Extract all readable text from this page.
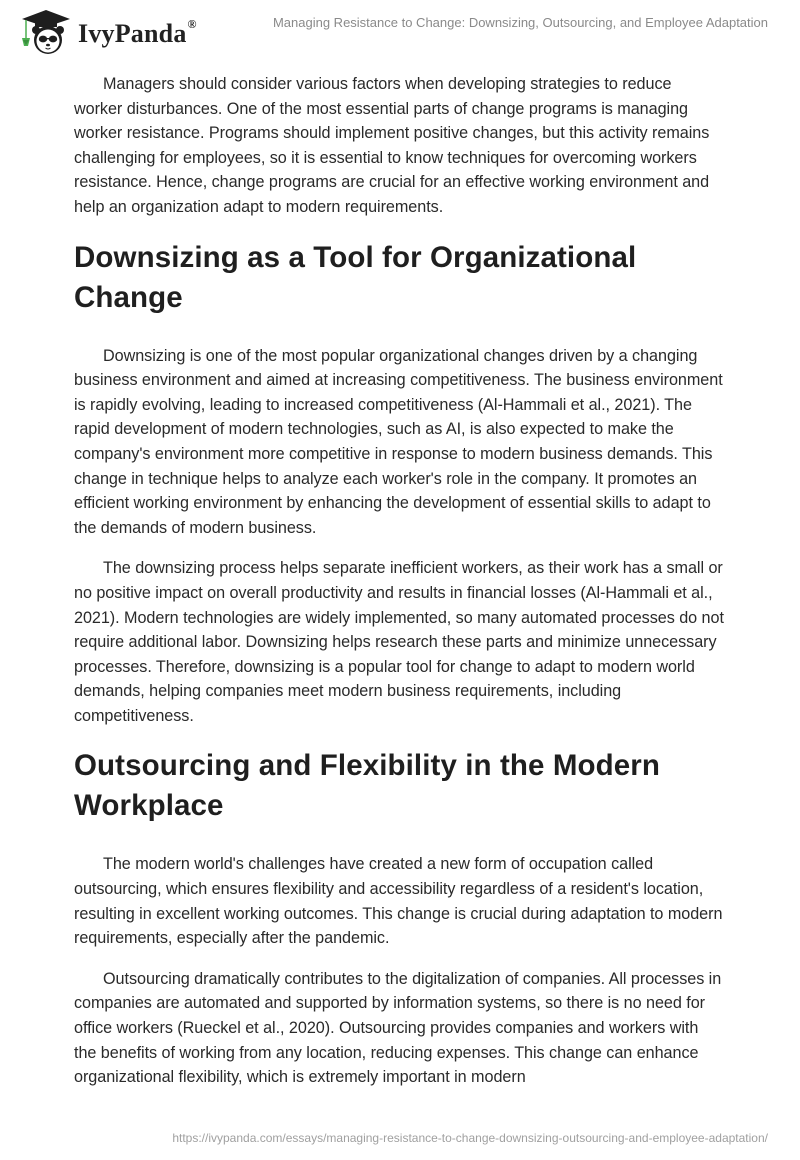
IvyPanda®	Managing Resistance to Change: Downsizing, Outsourcing, and Employee Adaptation

Managers should consider various factors when developing strategies to reduce worker disturbances. One of the most essential parts of change programs is managing worker resistance. Programs should implement positive changes, but this activity remains challenging for employees, so it is essential to know techniques for overcoming workers resistance. Hence, change programs are crucial for an effective working environment and help an organization adapt to modern requirements.

Downsizing as a Tool for Organizational Change

Downsizing is one of the most popular organizational changes driven by a changing business environment and aimed at increasing competitiveness. The business environment is rapidly evolving, leading to increased competitiveness (Al-Hammali et al., 2021). The rapid development of modern technologies, such as AI, is also expected to make the company's environment more competitive in response to modern business demands. This change in technique helps to analyze each worker's role in the company. It promotes an efficient working environment by enhancing the development of essential skills to adapt to the demands of modern business.

The downsizing process helps separate inefficient workers, as their work has a small or no positive impact on overall productivity and results in financial losses (Al-Hammali et al., 2021). Modern technologies are widely implemented, so many automated processes do not require additional labor. Downsizing helps research these parts and minimize unnecessary processes. Therefore, downsizing is a popular tool for change to adapt to modern world demands, helping companies meet modern business requirements, including competitiveness.

Outsourcing and Flexibility in the Modern Workplace

The modern world's challenges have created a new form of occupation called outsourcing, which ensures flexibility and accessibility regardless of a resident's location, resulting in excellent working outcomes. This change is crucial during adaptation to modern requirements, especially after the pandemic.

Outsourcing dramatically contributes to the digitalization of companies. All processes in companies are automated and supported by information systems, so there is no need for office workers (Rueckel et al., 2020). Outsourcing provides companies and workers with the benefits of working from any location, reducing expenses. This change can enhance organizational flexibility, which is extremely important in modern

https://ivypanda.com/essays/managing-resistance-to-change-downsizing-outsourcing-and-employee-adaptation/
